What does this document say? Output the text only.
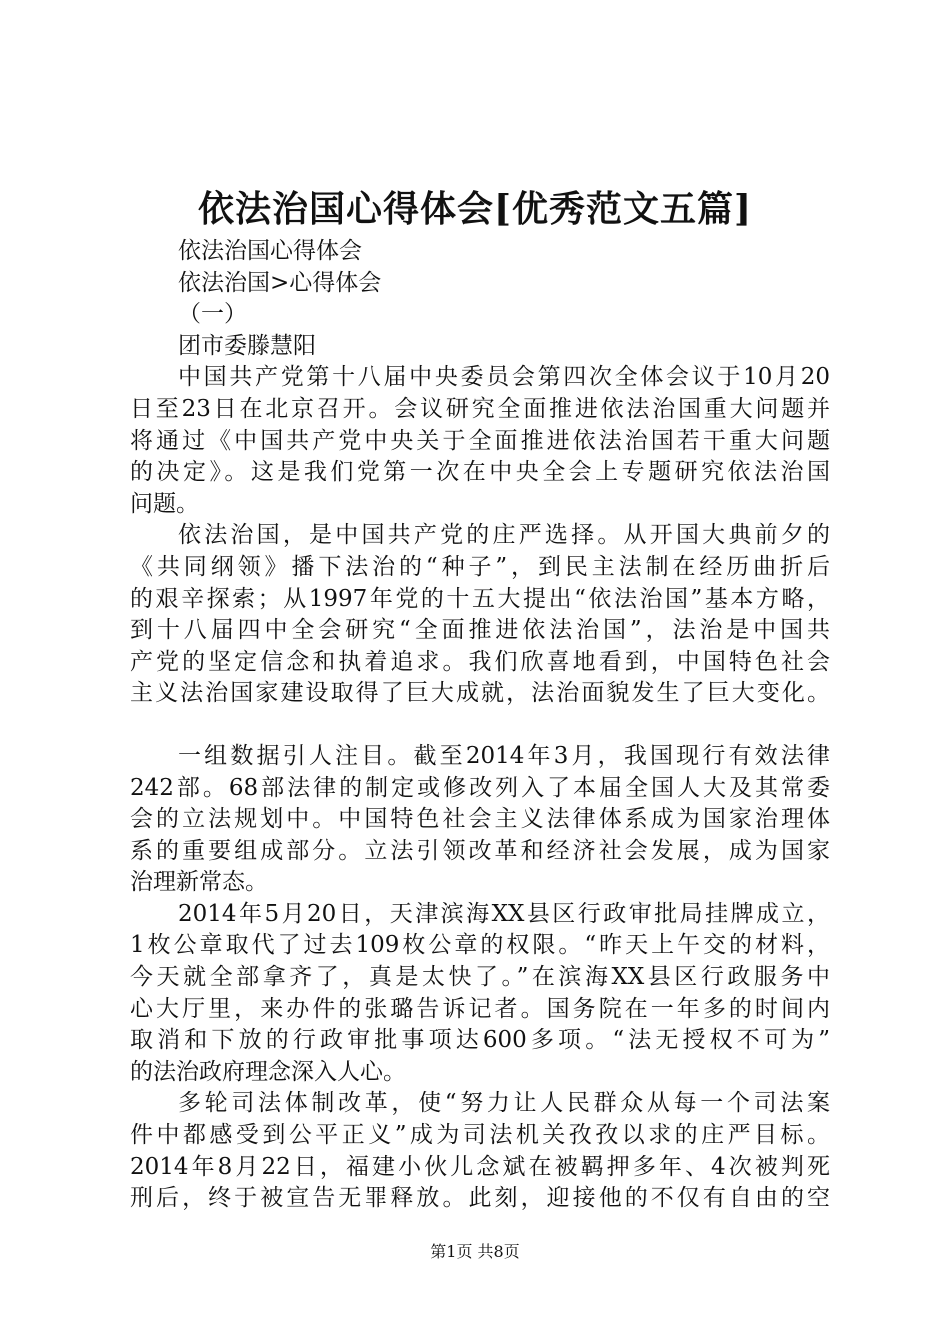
依法治国心得体会[优秀范文五篇]
依法治国心得体会
依法治国>心得体会
（一）
团市委滕慧阳
中国共产党第十八届中央委员会第四次全体会议于10月20
日至23日在北京召开。会议研究全面推进依法治国重大问题并
将通过《中国共产党中央关于全面推进依法治国若干重大问题
的决定》。这是我们党第一次在中央全会上专题研究依法治国
问题。
依法治国，是中国共产党的庄严选择。从开国大典前夕的
《共同纲领》播下法治的“种子”，到民主法制在经历曲折后
的艰辛探索；从1997年党的十五大提出“依法治国”基本方略，
到十八届四中全会研究“全面推进依法治国”，法治是中国共
产党的坚定信念和执着追求。我们欣喜地看到，中国特色社会
主义法治国家建设取得了巨大成就，法治面貌发生了巨大变化。
一组数据引人注目。截至2014年3月，我国现行有效法律
242部。68部法律的制定或修改列入了本届全国人大及其常委
会的立法规划中。中国特色社会主义法律体系成为国家治理体
系的重要组成部分。立法引领改革和经济社会发展，成为国家
治理新常态。
2014年5月20日，天津滨海XX县区行政审批局挂牌成立，
1枚公章取代了过去109枚公章的权限。“昨天上午交的材料，
今天就全部拿齐了，真是太快了。”在滨海XX县区行政服务中
心大厅里，来办件的张璐告诉记者。国务院在一年多的时间内
取消和下放的行政审批事项达600多项。“法无授权不可为”
的法治政府理念深入人心。
多轮司法体制改革，使“努力让人民群众从每一个司法案
件中都感受到公平正义”成为司法机关孜孜以求的庄严目标。
2014年8月22日，福建小伙儿念斌在被羁押多年、4次被判死
刑后，终于被宣告无罪释放。此刻，迎接他的不仅有自由的空
第1页 共8页
